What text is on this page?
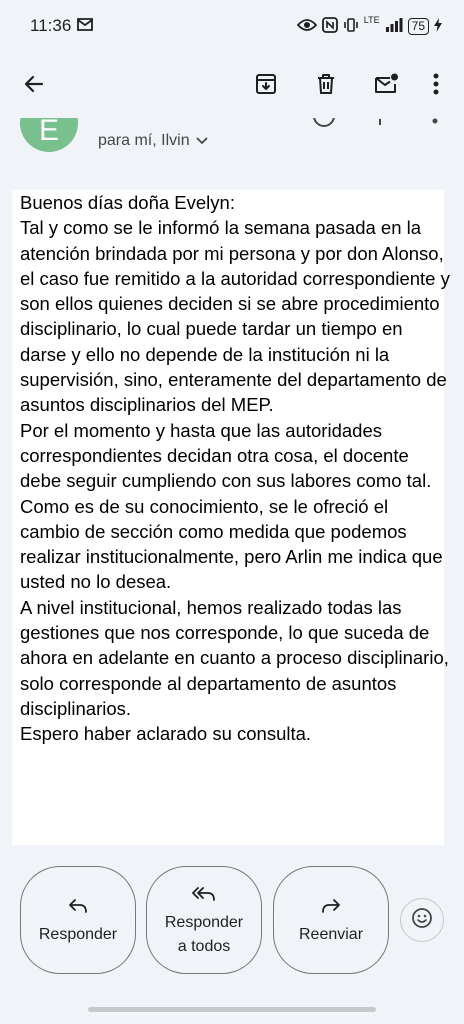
11:36	LTE	75
E para mí, Ilvin
Buenos días doña Evelyn:
Tal y como se le informó la semana pasada en la atención brindada por mi persona y por don Alonso, el caso fue remitido a la autoridad correspondiente y son ellos quienes deciden si se abre procedimiento disciplinario, lo cual puede tardar un tiempo en darse y ello no depende de la institución ni la supervisión, sino, enteramente del departamento de asuntos disciplinarios del MEP.
Por el momento y hasta que las autoridades correspondientes decidan otra cosa, el docente debe seguir cumpliendo con sus labores como tal.
Como es de su conocimiento, se le ofreció el cambio de sección como medida que podemos realizar institucionalmente, pero Arlin me indica que usted no lo desea.
A nivel institucional, hemos realizado todas las gestiones que nos corresponde, lo que suceda de ahora en adelante en cuanto a proceso disciplinario, solo corresponde al departamento de asuntos disciplinarios.
Espero haber aclarado su consulta.
Responder
Responder
a todos
Reenviar
